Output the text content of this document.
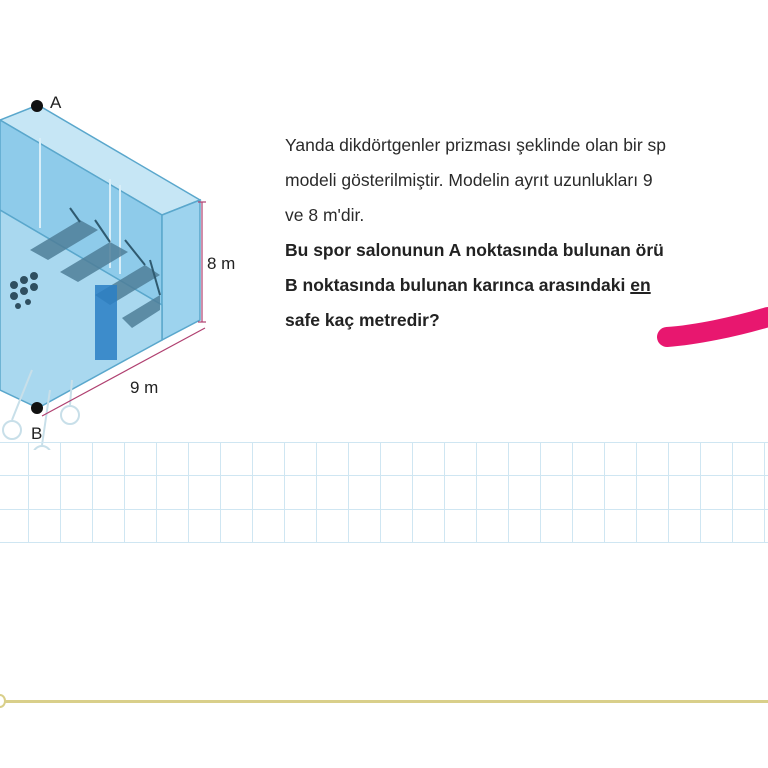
A
B
8 m
9 m
Yanda dikdörtgenler prizması şeklinde olan bir sp
modeli gösterilmiştir. Modelin ayrıt uzunlukları 9
ve 8 m'dir.
Bu spor salonunun A noktasında bulunan örü
B noktasında bulunan karınca arasındaki en
safe kaç metredir?
